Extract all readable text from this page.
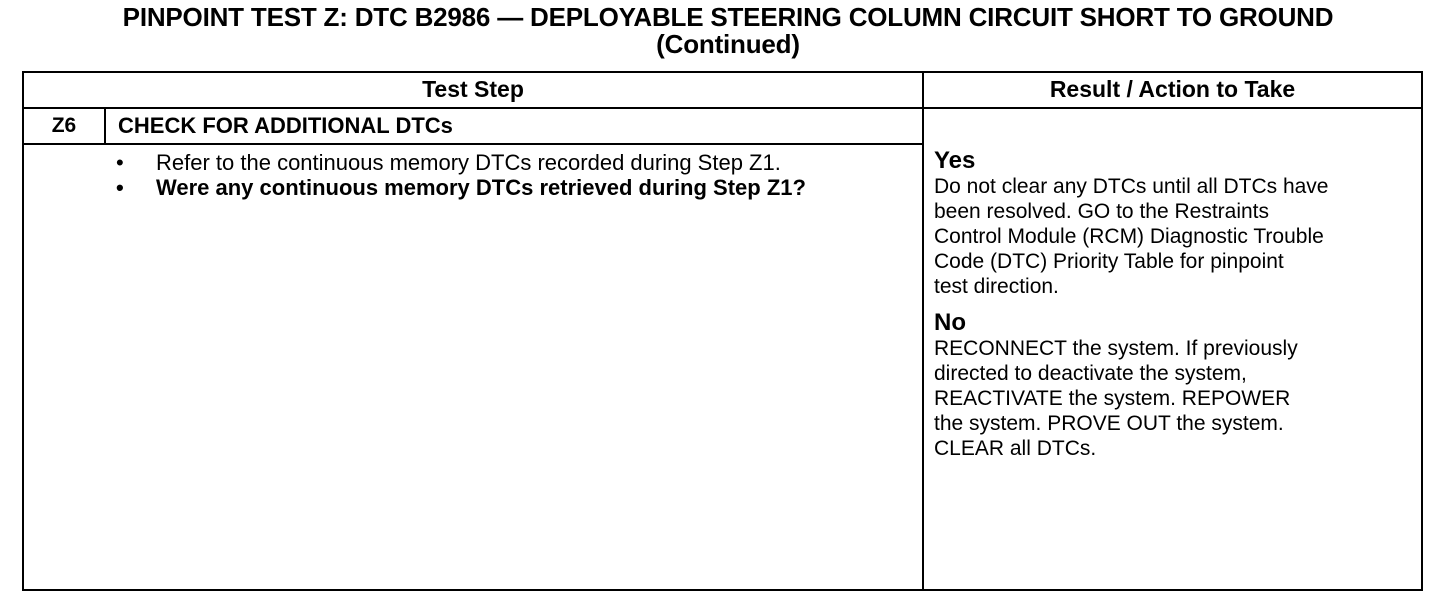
PINPOINT TEST Z: DTC B2986 — DEPLOYABLE STEERING COLUMN CIRCUIT SHORT TO GROUND
(Continued)
Test Step	Result / Action to Take
Z6	CHECK FOR ADDITIONAL DTCs
• Refer to the continuous memory DTCs recorded during Step Z1.
• Were any continuous memory DTCs retrieved during Step Z1?
Yes
Do not clear any DTCs until all DTCs have
been resolved. GO to the Restraints
Control Module (RCM) Diagnostic Trouble
Code (DTC) Priority Table for pinpoint
test direction.
No
RECONNECT the system. If previously
directed to deactivate the system,
REACTIVATE the system. REPOWER
the system. PROVE OUT the system.
CLEAR all DTCs.
